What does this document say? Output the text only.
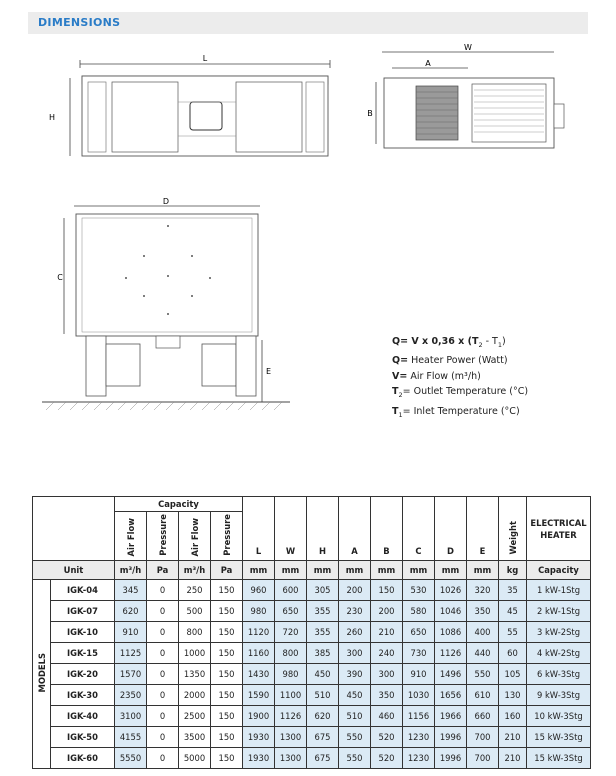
DIMENSIONS
L
H
W
A
B
D
C
E
Q= V x 0,36 x $(T_2 - T_1)$
Q= Heater Power (Watt)
V= Air Flow (m³/h)
$T_2=$ Outlet Temperature (°C)
$T_1=$ Inlet Temperature (°C)
		Capacity				L	W	H	A	B	C	D	E	Weight	ELECTRICAL
HEATER

		Air Flow	Pressure	Air Flow	Pressure										
Unit		m³/h	Pa	m³/h	Pa	mm	mm	mm	mm	mm	mm	mm	mm	kg	Capacity
MODELS	IGK-04	345	0	250	150	960	600	305	200	150	530	1026	320	35	1 kW-1Stg
	IGK-07	620	0	500	150	980	650	355	230	200	580	1046	350	45	2 kW-1Stg
	IGK-10	910	0	800	150	1120	720	355	260	210	650	1086	400	55	3 kW-2Stg
	IGK-15	1125	0	1000	150	1160	800	385	300	240	730	1126	440	60	4 kW-2Stg
	IGK-20	1570	0	1350	150	1430	980	450	390	300	910	1496	550	105	6 kW-3Stg
	IGK-30	2350	0	2000	150	1590	1100	510	450	350	1030	1656	610	130	9 kW-3Stg
	IGK-40	3100	0	2500	150	1900	1126	620	510	460	1156	1966	660	160	10 kW-3Stg
	IGK-50	4155	0	3500	150	1930	1300	675	550	520	1230	1996	700	210	15 kW-3Stg
	IGK-60	5550	0	5000	150	1930	1300	675	550	520	1230	1996	700	210	15 kW-3Stg
